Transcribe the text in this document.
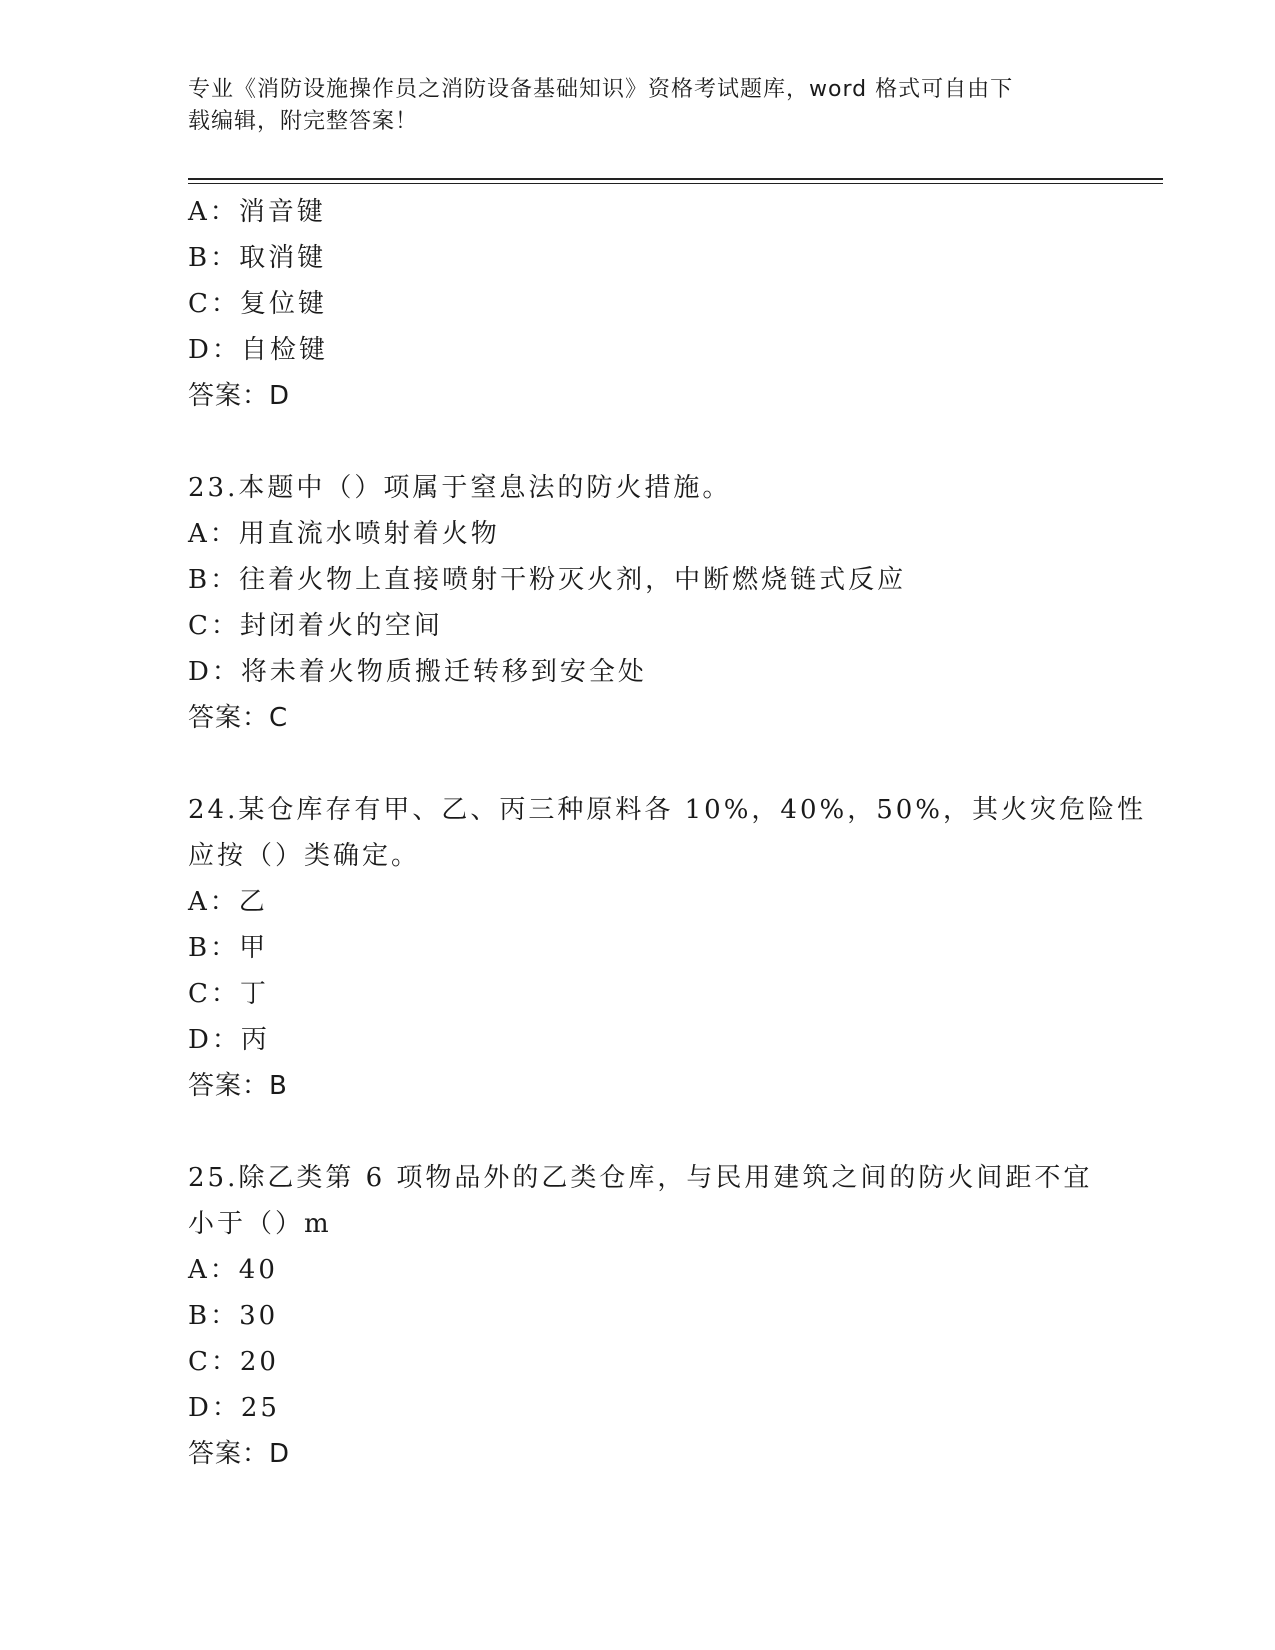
专业《消防设施操作员之消防设备基础知识》资格考试题库，word 格式可自由下
载编辑，附完整答案！

A：消音键

B：取消键

C：复位键

D：自检键

答案：D

23.本题中（）项属于窒息法的防火措施。

A：用直流水喷射着火物

B：往着火物上直接喷射干粉灭火剂，中断燃烧链式反应

C：封闭着火的空间

D：将未着火物质搬迁转移到安全处

答案：C

24.某仓库存有甲、乙、丙三种原料各 10%，40%，50%，其火灾危险性

应按（）类确定。

A：乙

B：甲

C：丁

D：丙

答案：B

25.除乙类第 6 项物品外的乙类仓库，与民用建筑之间的防火间距不宜

小于（）m

A：40

B：30

C：20

D：25

答案：D
